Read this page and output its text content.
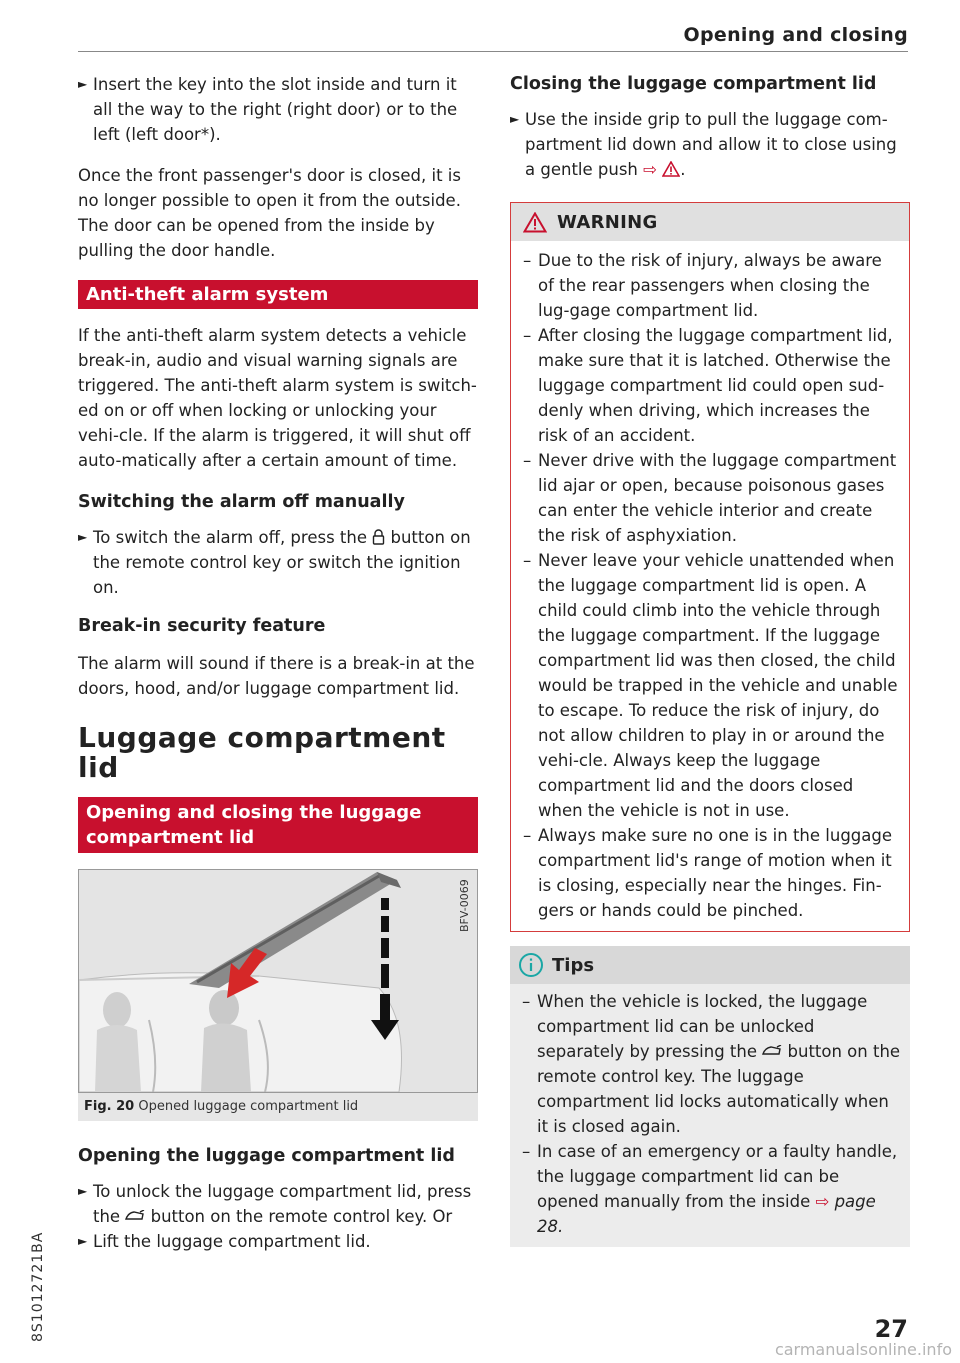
Opening and closing
► Insert the key into the slot inside and turn it all the way to the right (right door) or to the left (left door*).

Once the front passenger's door is closed, it is no longer possible to open it from the outside. The door can be opened from the inside by pulling the door handle.

Anti-theft alarm system

If the anti-theft alarm system detects a vehicle break-in, audio and visual warning signals are triggered. The anti-theft alarm system is switch-ed on or off when locking or unlocking your vehi-cle. If the alarm is triggered, it will shut off auto-matically after a certain amount of time.

Switching the alarm off manually
► To switch the alarm off, press the button on the remote control key or switch the ignition on.
Break-in security feature

The alarm will sound if there is a break-in at the doors, hood, and/or luggage compartment lid.

Luggage compartment lid
Opening and closing the luggage compartment lid
BFV-0069
Fig. 20 Opened luggage compartment lid
Opening the luggage compartment lid
► To unlock the luggage compartment lid, press the button on the remote control key. Or
► Lift the luggage compartment lid.
Closing the luggage compartment lid
► Use the inside grip to pull the luggage com-partment lid down and allow it to close using a gentle push ⇨ .
WARNING
– Due to the risk of injury, always be aware of the rear passengers when closing the lug-gage compartment lid.
– After closing the luggage compartment lid, make sure that it is latched. Otherwise the luggage compartment lid could open sud-denly when driving, which increases the risk of an accident.
– Never drive with the luggage compartment lid ajar or open, because poisonous gases can enter the vehicle interior and create the risk of asphyxiation.
– Never leave your vehicle unattended when the luggage compartment lid is open. A child could climb into the vehicle through the luggage compartment. If the luggage compartment lid was then closed, the child would be trapped in the vehicle and unable to escape. To reduce the risk of injury, do not allow children to play in or around the vehi-cle. Always keep the luggage compartment lid and the doors closed when the vehicle is not in use.
– Always make sure no one is in the luggage compartment lid's range of motion when it is closing, especially near the hinges. Fin-gers or hands could be pinched.
Tips
– When the vehicle is locked, the luggage compartment lid can be unlocked separately by pressing the button on the remote control key. The luggage compartment lid locks automatically when it is closed again.
– In case of an emergency or a faulty handle, the luggage compartment lid can be opened manually from the inside ⇨ page 28.
8S1012721BA	27
carmanualsonline.info
